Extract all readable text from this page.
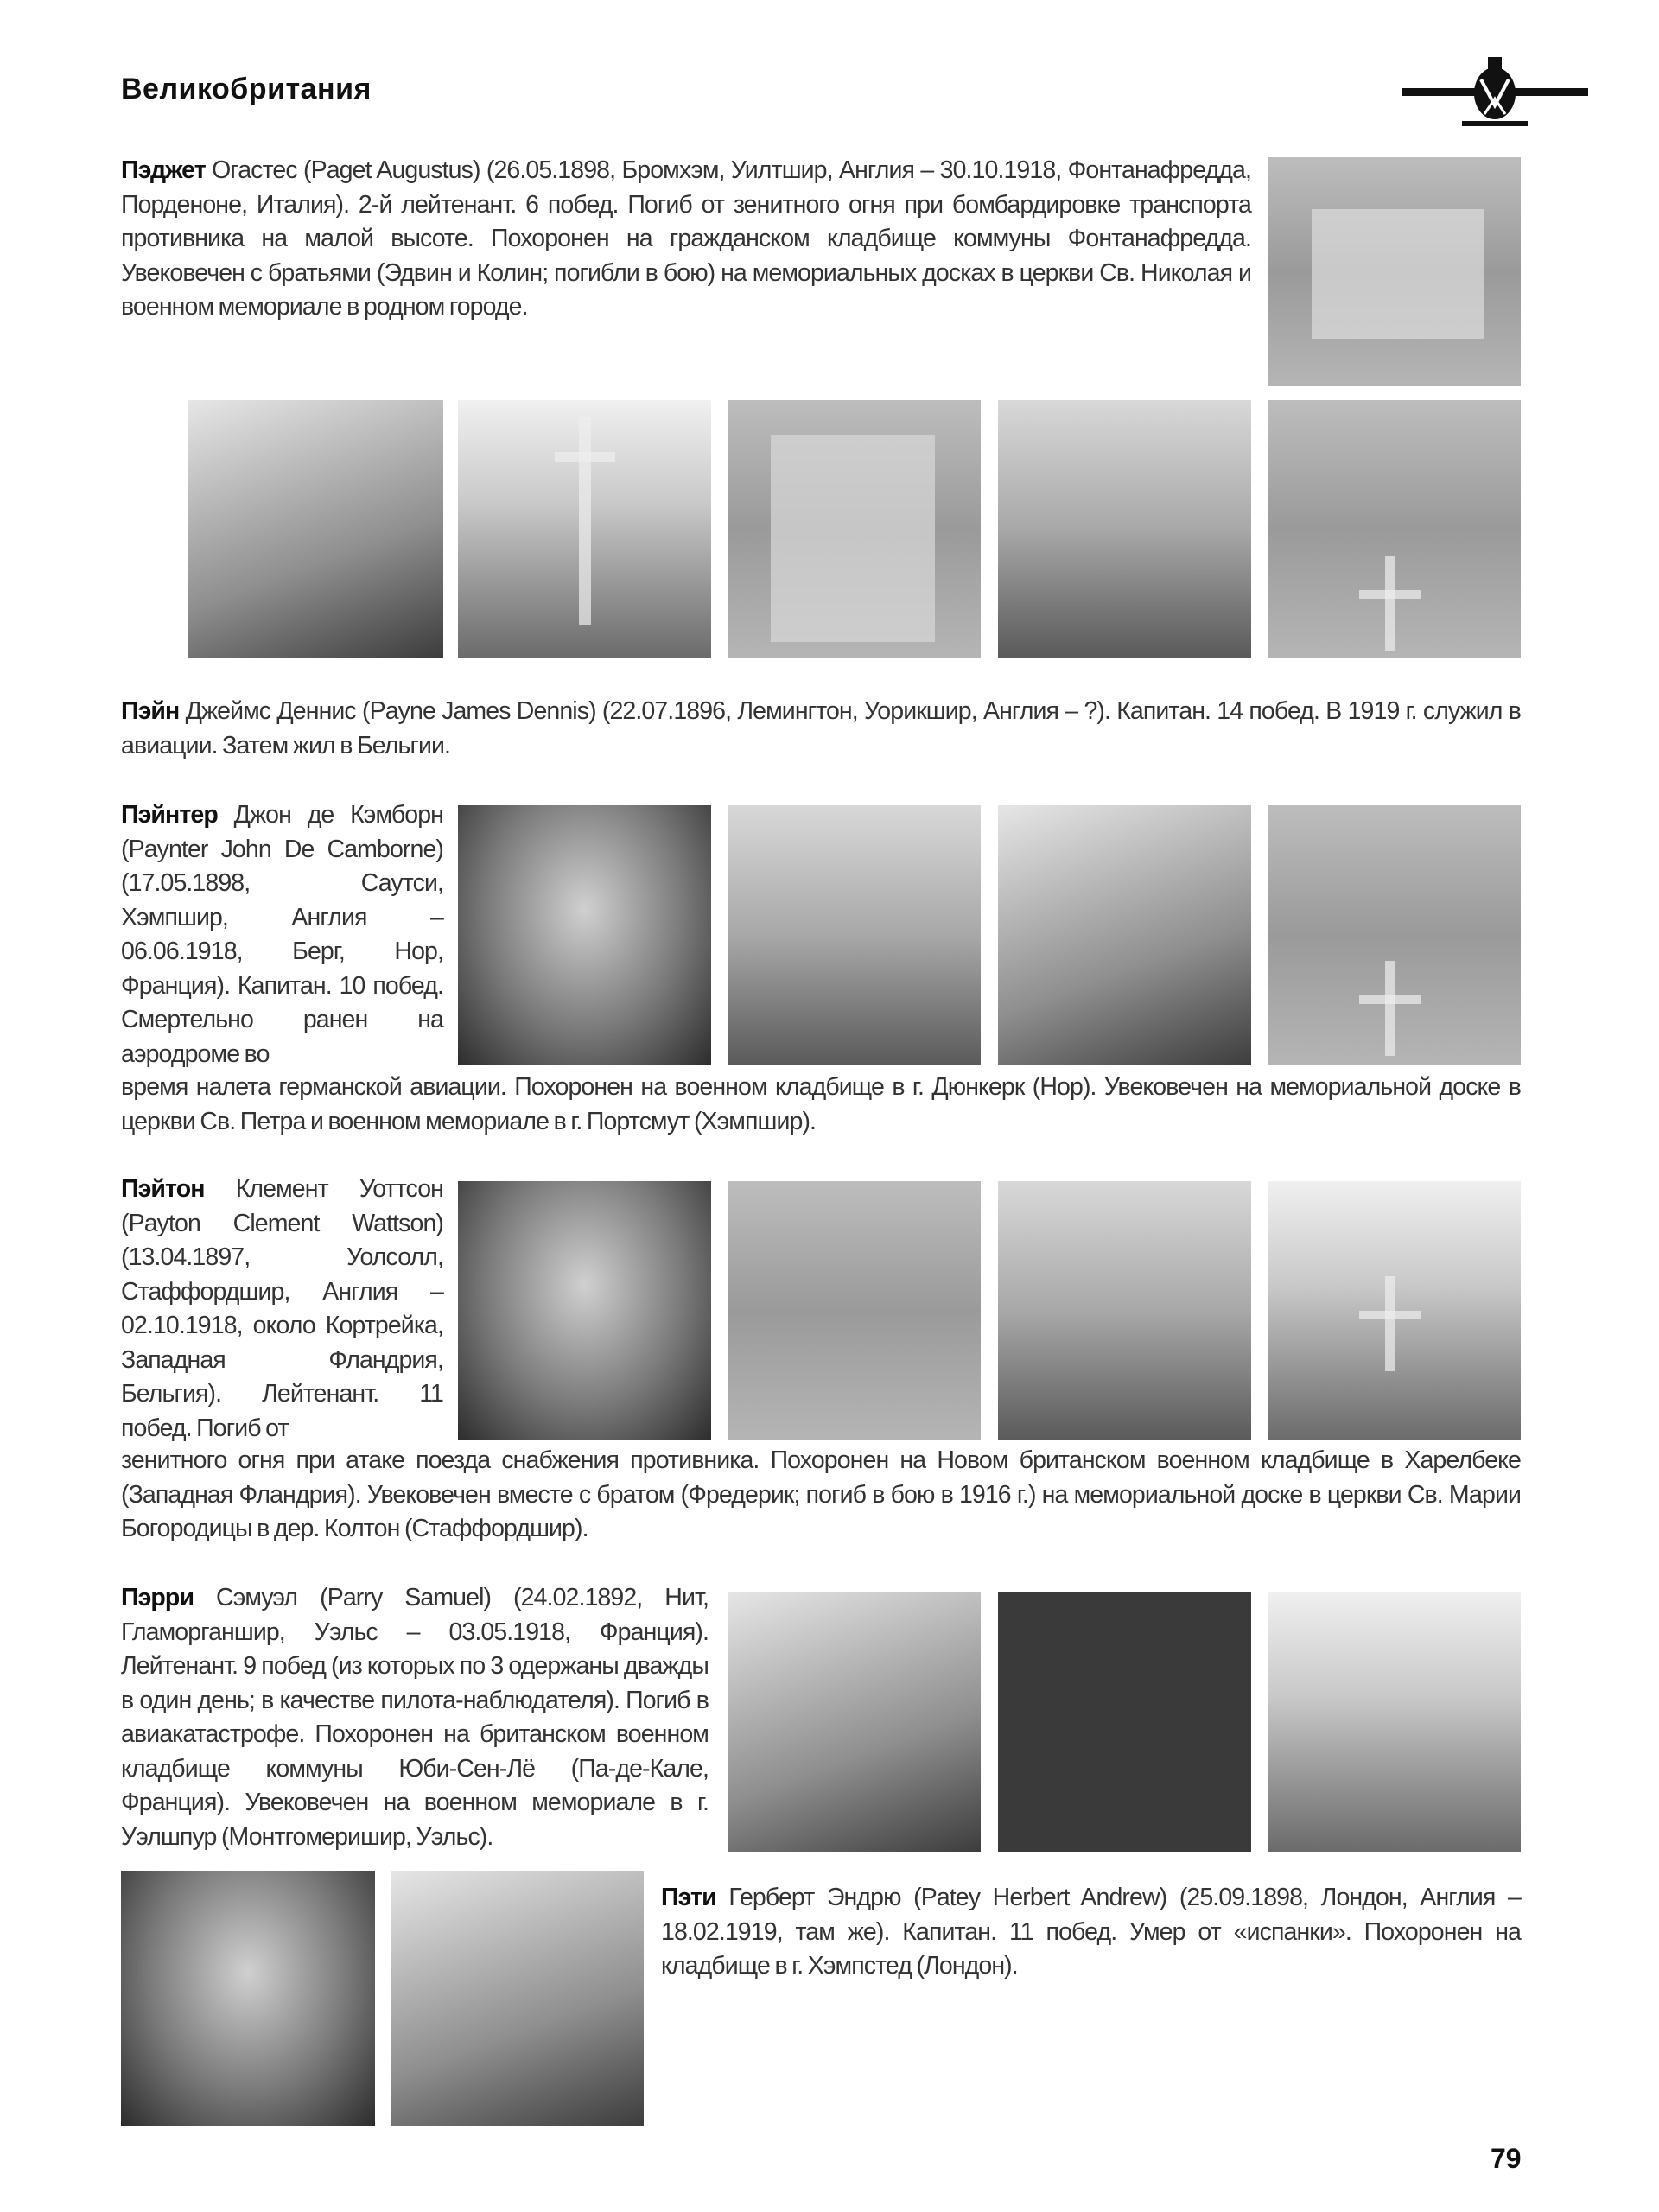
Великобритания
Пэджет Огастес (Paget Augustus) (26.05.1898, Бромхэм, Уилтшир, Англия – 30.10.1918, Фонтанафредда, Порденоне, Италия). 2-й лейтенант. 6 побед. Погиб от зенитного огня при бомбардировке транспорта противника на малой высоте. Похоронен на гражданском кладбище коммуны Фонтанафредда. Увековечен с братьями (Эдвин и Колин; погибли в бою) на мемориальных досках в церкви Св. Николая и военном мемориале в родном городе.
Пэйн Джеймс Деннис (Payne James Dennis) (22.07.1896, Лемингтон, Уорикшир, Англия – ?). Капитан. 14 побед. В 1919 г. служил в авиации. Затем жил в Бельгии.
Пэйнтер Джон де Кэмборн (Paynter John De Camborne) (17.05.1898, Саутси, Хэмпшир, Англия – 06.06.1918, Берг, Нор, Франция). Капитан. 10 побед. Смертельно ранен на аэродроме во
время налета германской авиации. Похоронен на военном кладбище в г. Дюнкерк (Нор). Увековечен на мемориальной доске в церкви Св. Петра и военном мемориале в г. Портсмут (Хэмпшир).
Пэйтон Клемент Уоттсон (Payton Clement Wattson) (13.04.1897, Уолсолл, Стаффордшир, Англия – 02.10.1918, около Кортрейка, Западная Фландрия, Бельгия). Лейтенант. 11 побед. Погиб от
зенитного огня при атаке поезда снабжения противника. Похоронен на Новом британском военном кладбище в Харелбеке (Западная Фландрия). Увековечен вместе с братом (Фредерик; погиб в бою в 1916 г.) на мемориальной доске в церкви Св. Марии Богородицы в дер. Колтон (Стаффордшир).
Пэрри Сэмуэл (Parry Samuel) (24.02.1892, Нит, Гламорганшир, Уэльс – 03.05.1918, Франция). Лейтенант. 9 побед (из которых по 3 одержаны дважды в один день; в качестве пилота-наблюдателя). Погиб в авиакатастрофе. Похоронен на британском военном кладбище коммуны Юби-Сен-Лё (Па-де-Кале, Франция). Увековечен на военном мемориале в г. Уэлшпур (Монтгомеришир, Уэльс).
Пэти Герберт Эндрю (Patey Herbert Andrew) (25.09.1898, Лондон, Англия – 18.02.1919, там же). Капитан. 11 побед. Умер от «испанки». Похоронен на кладбище в г. Хэмпстед (Лондон).
79
